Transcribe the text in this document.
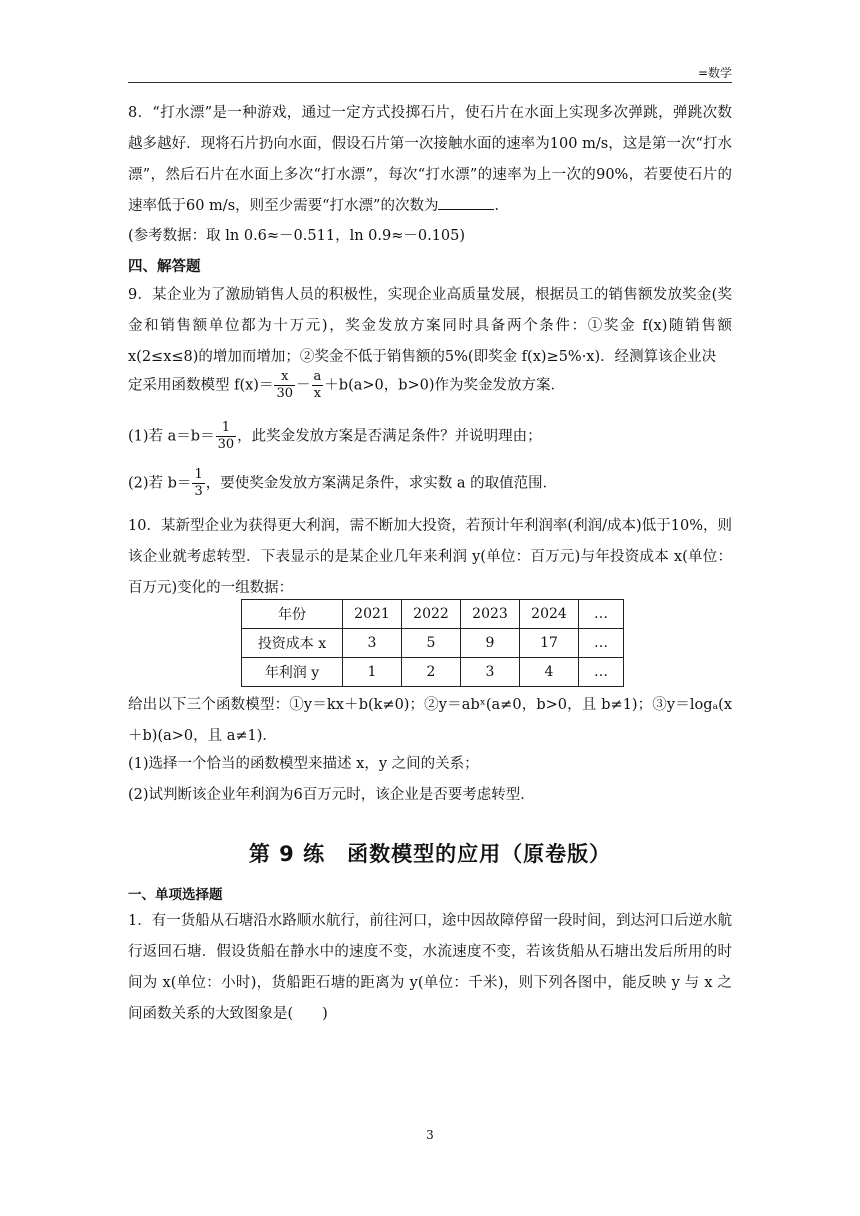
=数学
8．“打水漂”是一种游戏，通过一定方式投掷石片，使石片在水面上实现多次弹跳，弹跳次数越多越好．现将石片扔向水面，假设石片第一次接触水面的速率为100 m/s，这是第一次“打水漂”，然后石片在水面上多次“打水漂”，每次“打水漂”的速率为上一次的90%，若要使石片的速率低于60 m/s，则至少需要“打水漂”的次数为	．
(参考数据：取 ln 0.6≈－0.511，ln 0.9≈－0.105)
四、解答题
9．某企业为了激励销售人员的积极性，实现企业高质量发展，根据员工的销售额发放奖金(奖金和销售额单位都为十万元)，奖金发放方案同时具备两个条件：①奖金 f(x)随销售额 x(2≤x≤8)的增加而增加；②奖金不低于销售额的5%(即奖金 f(x)≥5%·x)．经测算该企业决
定采用函数模型 $f(x)= \frac{x}{30} - \frac{a}{x} +b(a>0$，b>0)作为奖金发放方案．
(1)若 $a=b= \frac{1}{30}$ ，此奖金发放方案是否满足条件？并说明理由；
(2)若 $b= \frac{1}{3}$ ，要使奖金发放方案满足条件，求实数 a 的取值范围．
10．某新型企业为获得更大利润，需不断加大投资，若预计年利润率(利润/成本)低于10%，则该企业就考虑转型．下表显示的是某企业几年来利润 y(单位：百万元)与年投资成本 x(单位：百万元)变化的一组数据：
年份	2021	2022	2023	2024	…
投资成本 x	3	5	9	17	…
年利润 y	1	2	3	4	…
给出以下三个函数模型：①y＝kx＋b(k≠0)；②y＝abˣ(a≠0，b>0，且 b≠1)；③y＝logₐ(x＋b)(a>0，且 a≠1)．
(1)选择一个恰当的函数模型来描述 x，y 之间的关系；
(2)试判断该企业年利润为6百万元时，该企业是否要考虑转型．
第 9 练　函数模型的应用（原卷版）
一、单项选择题
1．有一货船从石塘沿水路顺水航行，前往河口，途中因故障停留一段时间，到达河口后逆水航行返回石塘．假设货船在静水中的速度不变，水流速度不变，若该货船从石塘出发后所用的时间为 x(单位：小时)，货船距石塘的距离为 y(单位：千米)，则下列各图中，能反映 y 与 x 之间函数关系的大致图象是(　　)
3
